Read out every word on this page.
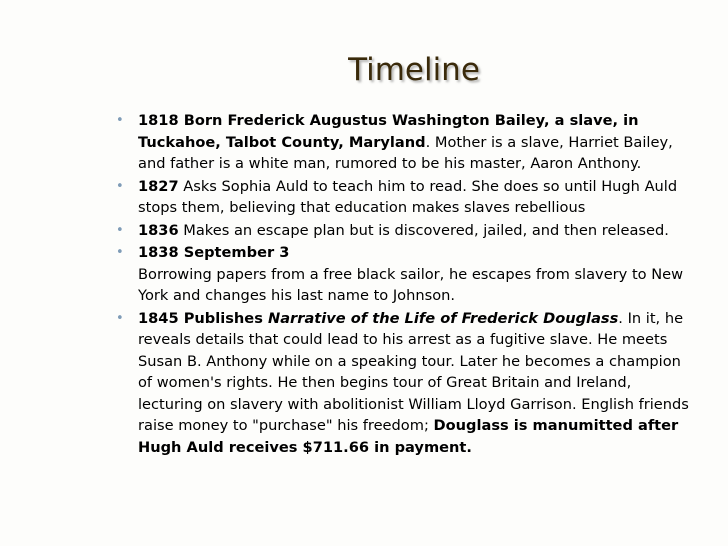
Timeline
• 1818 Born Frederick Augustus Washington Bailey, a slave, in Tuckahoe, Talbot County, Maryland. Mother is a slave, Harriet Bailey, and father is a white man, rumored to be his master, Aaron Anthony.
• 1827 Asks Sophia Auld to teach him to read. She does so until Hugh Auld stops them, believing that education makes slaves rebellious
• 1836 Makes an escape plan but is discovered, jailed, and then released.
• 1838 September 3
Borrowing papers from a free black sailor, he escapes from slavery to New York and changes his last name to Johnson.
• 1845 Publishes Narrative of the Life of Frederick Douglass. In it, he reveals details that could lead to his arrest as a fugitive slave. He meets Susan B. Anthony while on a speaking tour. Later he becomes a champion of women's rights. He then begins tour of Great Britain and Ireland, lecturing on slavery with abolitionist William Lloyd Garrison. English friends raise money to "purchase" his freedom; Douglass is manumitted after Hugh Auld receives $711.66 in payment.
